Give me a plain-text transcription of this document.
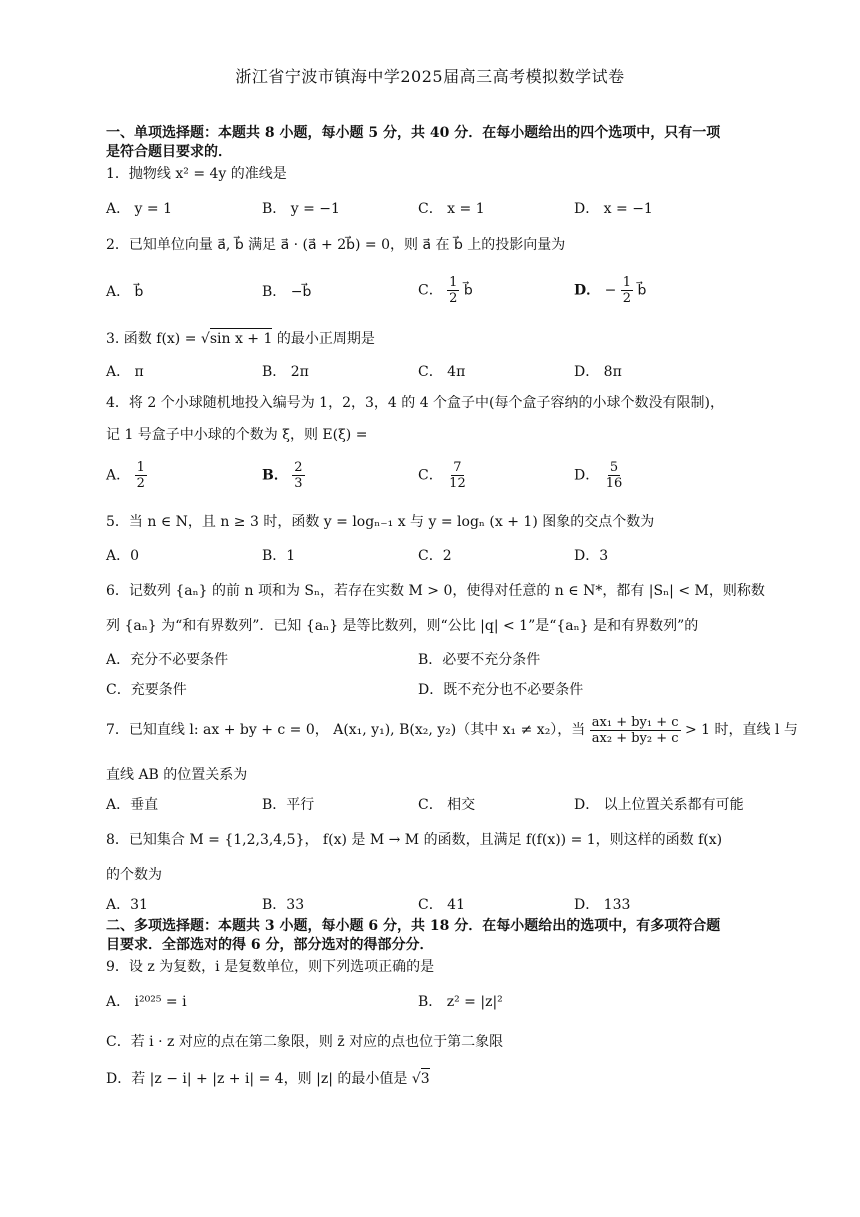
浙江省宁波市镇海中学2025届高三高考模拟数学试卷
一、单项选择题：本题共 8 小题，每小题 5 分，共 40 分．在每小题给出的四个选项中，只有一项
是符合题目要求的．
1．抛物线 x² = 4y 的准线是
A． y = 1	B． y = −1	C． x = 1	D． x = −1
2．已知单位向量 a⃗, b⃗ 满足 a⃗ · (a⃗ + 2b⃗) = 0，则 a⃗ 在 b⃗ 上的投影向量为
A． b⃗	B． −b⃗	C． $\frac{1}{2}$ b⃗	D． − $\frac{1}{2}$ b⃗
3. 函数 f(x) = √sin x + 1 的最小正周期是
A． π	B． 2π	C． 4π	D． 8π
4．将 2 个小球随机地投入编号为 1，2，3，4 的 4 个盒子中(每个盒子容纳的小球个数没有限制)，
记 1 号盒子中小球的个数为 ξ，则 E(ξ) =
A． $\frac{1}{2}$	B． $\frac{2}{3}$	C． $\frac{7}{12}$	D． $\frac{5}{16}$
5．当 n ∈ N，且 n ≥ 3 时，函数 y = logₙ₋₁ x 与 y = logₙ (x + 1) 图象的交点个数为
A．0	B．1	C．2	D．3
6．记数列 {aₙ} 的前 n 项和为 Sₙ，若存在实数 M > 0，使得对任意的 n ∈ N*，都有 |Sₙ| < M，则称数
列 {aₙ} 为“和有界数列”．已知 {aₙ} 是等比数列，则“公比 |q| < 1”是“{aₙ} 是和有界数列”的
A．充分不必要条件	B．必要不充分条件
C．充要条件	D．既不充分也不必要条件
7．已知直线 l: ax + by + c = 0， A(x₁, y₁), B(x₂, y₂)（其中 x₁ ≠ x₂），当 $\frac{\text{ax₁ + by₁ + c}}{\text{ax₂ + by₂ + c}} > 1$ 时，直线 l 与
直线 AB 的位置关系为
A．垂直	B．平行	C． 相交	D． 以上位置关系都有可能
8．已知集合 M = {1,2,3,4,5}， f(x) 是 M → M 的函数，且满足 f(f(x)) = 1，则这样的函数 f(x)
的个数为
A．31	B．33	C． 41	D． 133
二、多项选择题：本题共 3 小题，每小题 6 分，共 18 分．在每小题给出的选项中，有多项符合题
目要求．全部选对的得 6 分，部分选对的得部分分．
9．设 z 为复数，i 是复数单位，则下列选项正确的是
A． i²⁰²⁵ = i	B． z² = |z|²
C．若 i · z 对应的点在第二象限，则 z̄ 对应的点也位于第二象限
D．若 |z − i| + |z + i| = 4，则 |z| 的最小值是 √3
